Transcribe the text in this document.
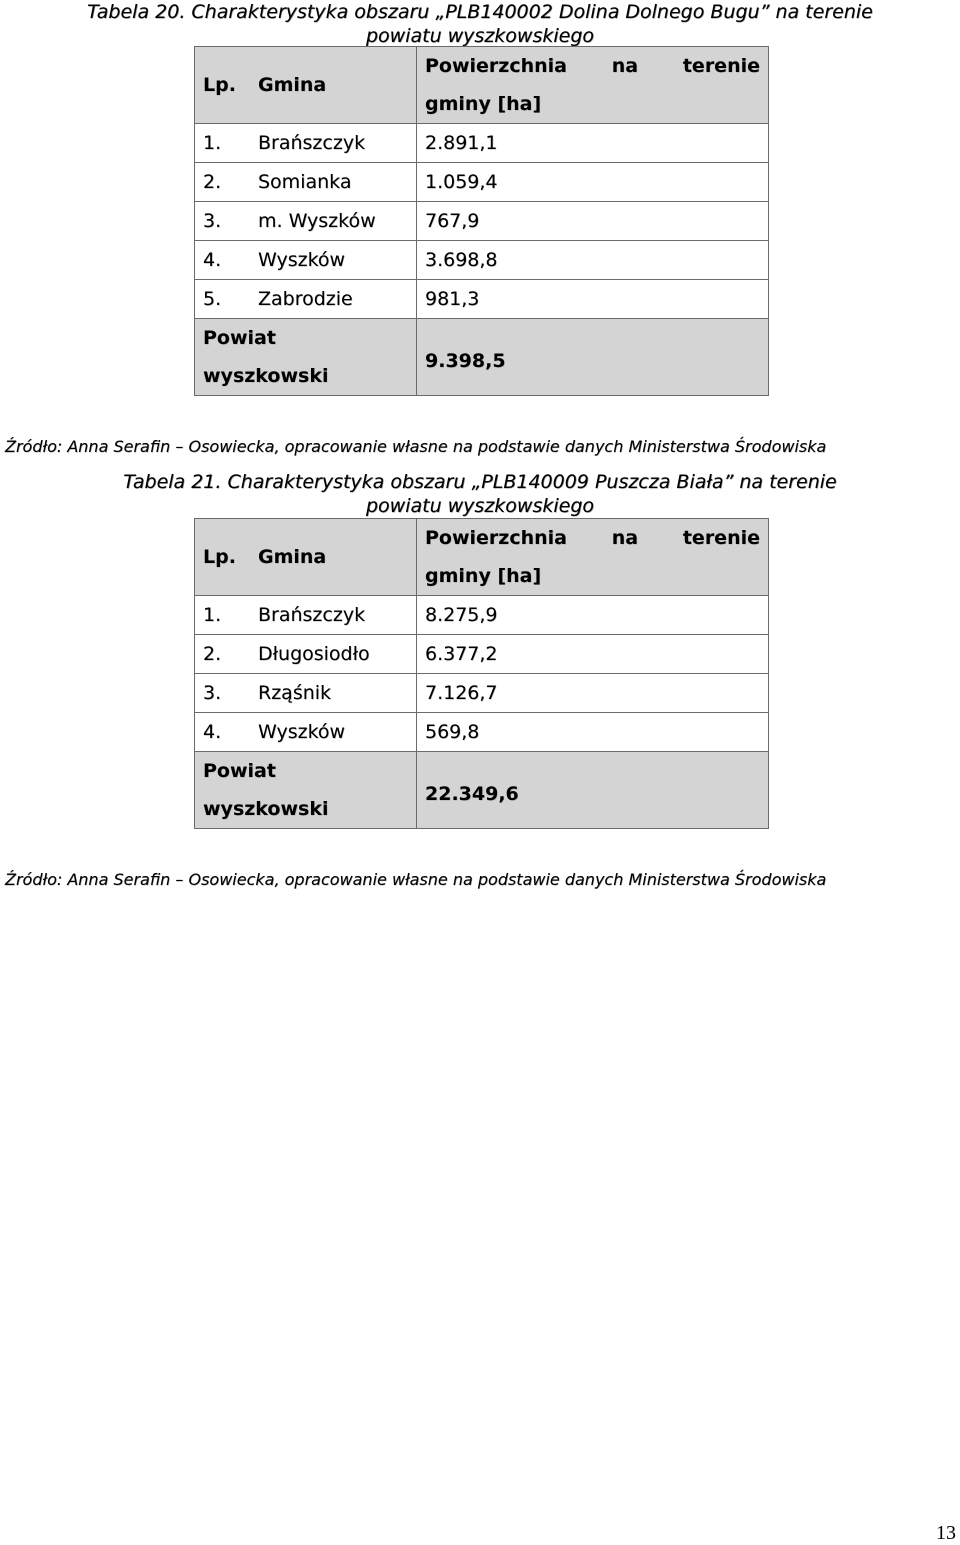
Tabela 20. Charakterystyka obszaru „PLB140002 Dolina Dolnego Bugu” na terenie
powiatu wyszkowskiego
Lp.	Gmina	Powierzchnia na terenie
gminy [ha]

1.	Brańszczyk	2.891,1
2.	Somianka	1.059,4
3.	m. Wyszków	767,9
4.	Wyszków	3.698,8
5.	Zabrodzie	981,3

Powiat
wyszkowski		9.398,5
Źródło: Anna Serafin – Osowiecka, opracowanie własne na podstawie danych Ministerstwa Środowiska
Tabela 21. Charakterystyka obszaru „PLB140009 Puszcza Biała” na terenie
powiatu wyszkowskiego
Lp.	Gmina	Powierzchnia na terenie
gminy [ha]

1.	Brańszczyk	8.275,9
2.	Długosiodło	6.377,2
3.	Rząśnik	7.126,7
4.	Wyszków	569,8

Powiat
wyszkowski		22.349,6
Źródło: Anna Serafin – Osowiecka, opracowanie własne na podstawie danych Ministerstwa Środowiska
13
